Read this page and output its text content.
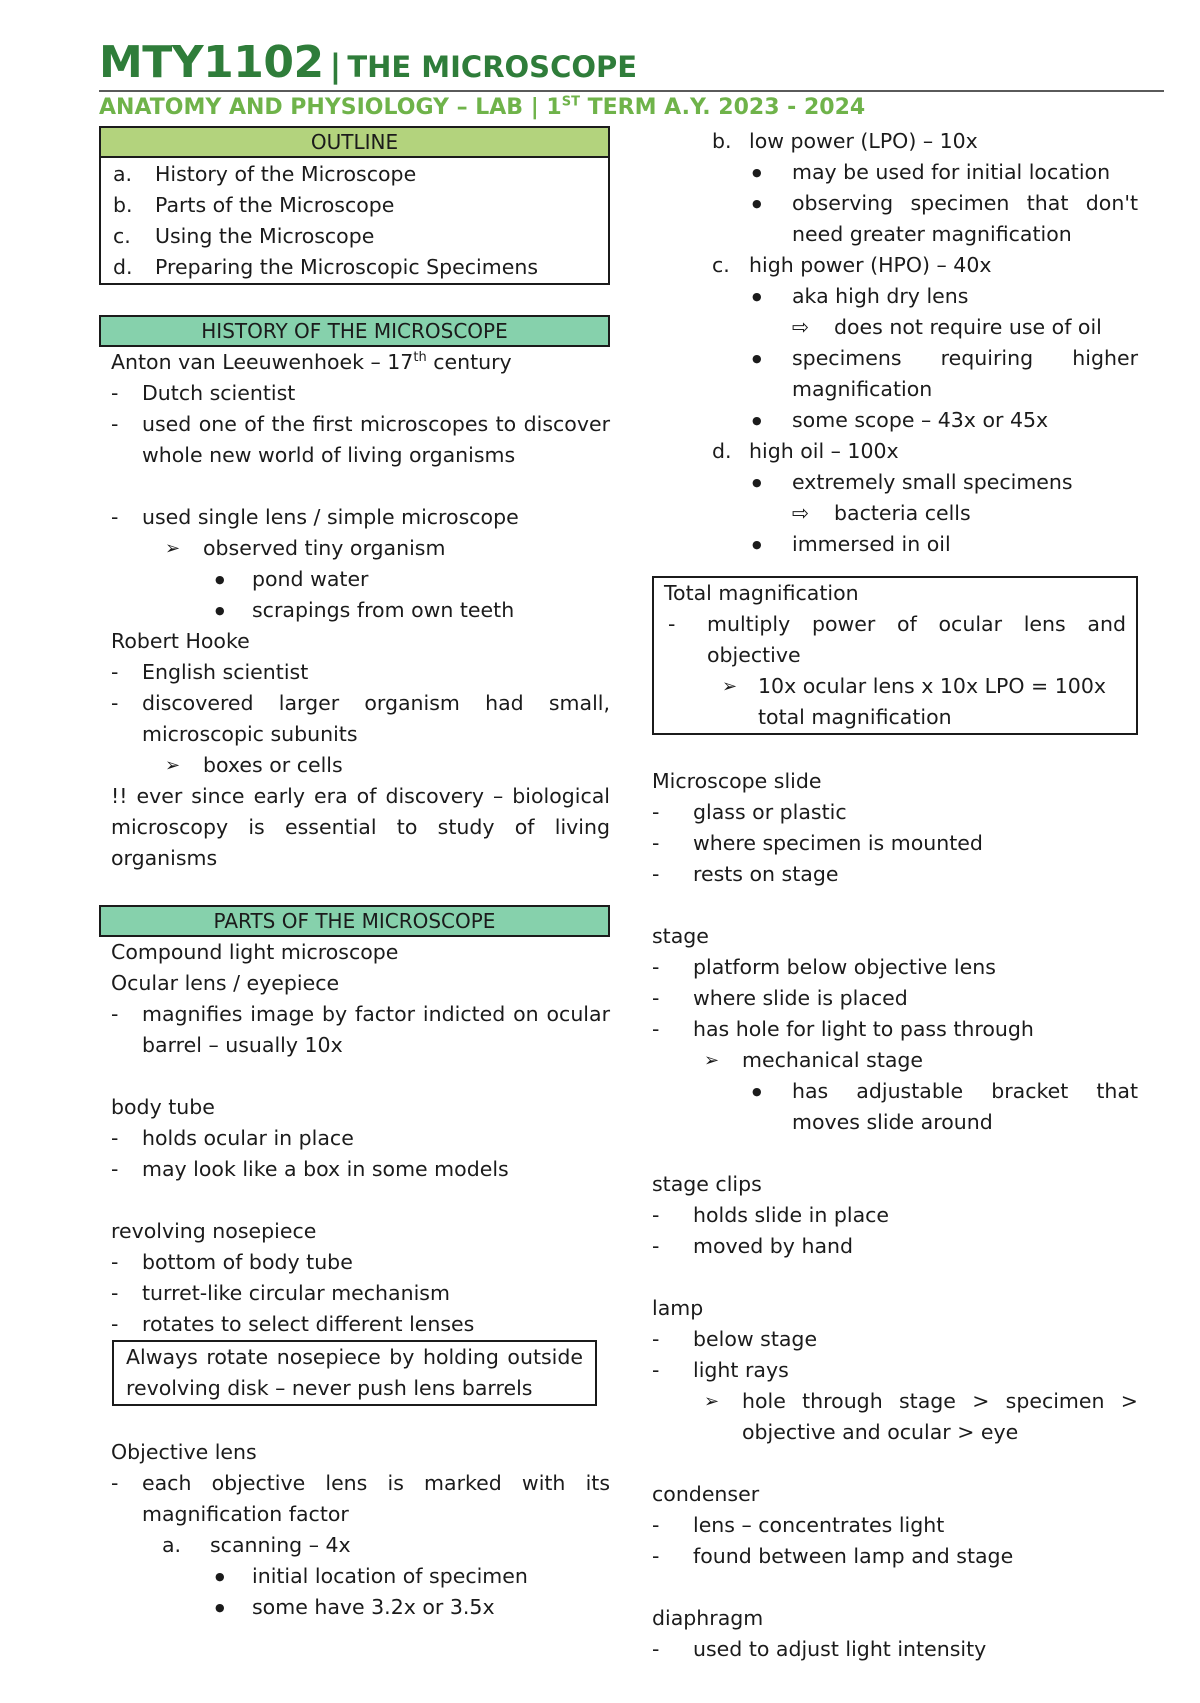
MTY1102 | THE MICROSCOPE
ANATOMY AND PHYSIOLOGY – LAB | 1ST TERM A.Y. 2023 - 2024
OUTLINE
a. History of the Microscope
b. Parts of the Microscope
c. Using the Microscope
d. Preparing the Microscopic Specimens
HISTORY OF THE MICROSCOPE
Anton van Leeuwenhoek – 17th century
- Dutch scientist
- used one of the first microscopes to discover whole new world of living organisms
- used single lens / simple microscope
➢ observed tiny organism
● pond water
● scrapings from own teeth
Robert Hooke
- English scientist
- discovered larger organism had small, microscopic subunits
➢ boxes or cells
!! ever since early era of discovery – biological microscopy is essential to study of living organisms
PARTS OF THE MICROSCOPE
Compound light microscope
Ocular lens / eyepiece
- magnifies image by factor indicted on ocular barrel – usually 10x
body tube
- holds ocular in place
- may look like a box in some models
revolving nosepiece
- bottom of body tube
- turret-like circular mechanism
- rotates to select different lenses
Always rotate nosepiece by holding outside revolving disk – never push lens barrels
Objective lens
- each objective lens is marked with its magnification factor
a. scanning – 4x
● initial location of specimen
● some have 3.2x or 3.5x
b. low power (LPO) – 10x
● may be used for initial location
● observing specimen that don't need greater magnification
c. high power (HPO) – 40x
● aka high dry lens
⇨ does not require use of oil
● specimens requiring higher magnification
● some scope – 43x or 45x
d. high oil – 100x
● extremely small specimens
⇨ bacteria cells
● immersed in oil
Total magnification
- multiply power of ocular lens and objective
➢ 10x ocular lens x 10x LPO = 100x total magnification
Microscope slide
- glass or plastic
- where specimen is mounted
- rests on stage
stage
- platform below objective lens
- where slide is placed
- has hole for light to pass through
➢ mechanical stage
● has adjustable bracket that moves slide around
stage clips
- holds slide in place
- moved by hand
lamp
- below stage
- light rays
➢ hole through stage > specimen > objective and ocular > eye
condenser
- lens – concentrates light
- found between lamp and stage
diaphragm
- used to adjust light intensity
